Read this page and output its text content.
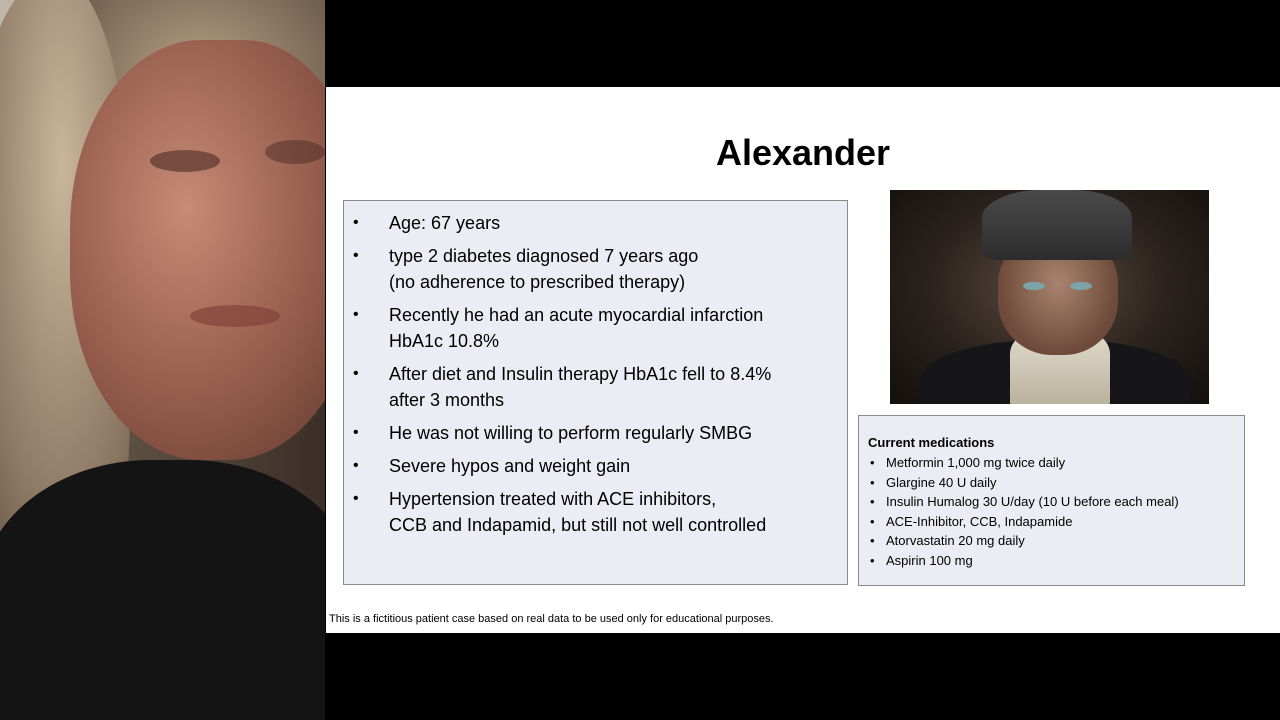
Alexander
• Age: 67 years
• type 2 diabetes diagnosed 7 years ago
(no adherence to prescribed therapy)
• Recently he had an acute myocardial infarction
HbA1c 10.8%
• After diet and Insulin therapy HbA1c fell to 8.4%
after 3 months
• He was not willing to perform regularly SMBG
• Severe hypos and weight gain
• Hypertension treated with ACE inhibitors,
CCB and Indapamid, but still not well controlled

Current medications

• Metformin 1,000 mg twice daily
• Glargine 40 U daily
• Insulin Humalog 30 U/day (10 U before each meal)
• ACE-Inhibitor, CCB, Indapamide
• Atorvastatin 20 mg daily
• Aspirin 100 mg
This is a fictitious patient case based on real data to be used only for educational purposes.
